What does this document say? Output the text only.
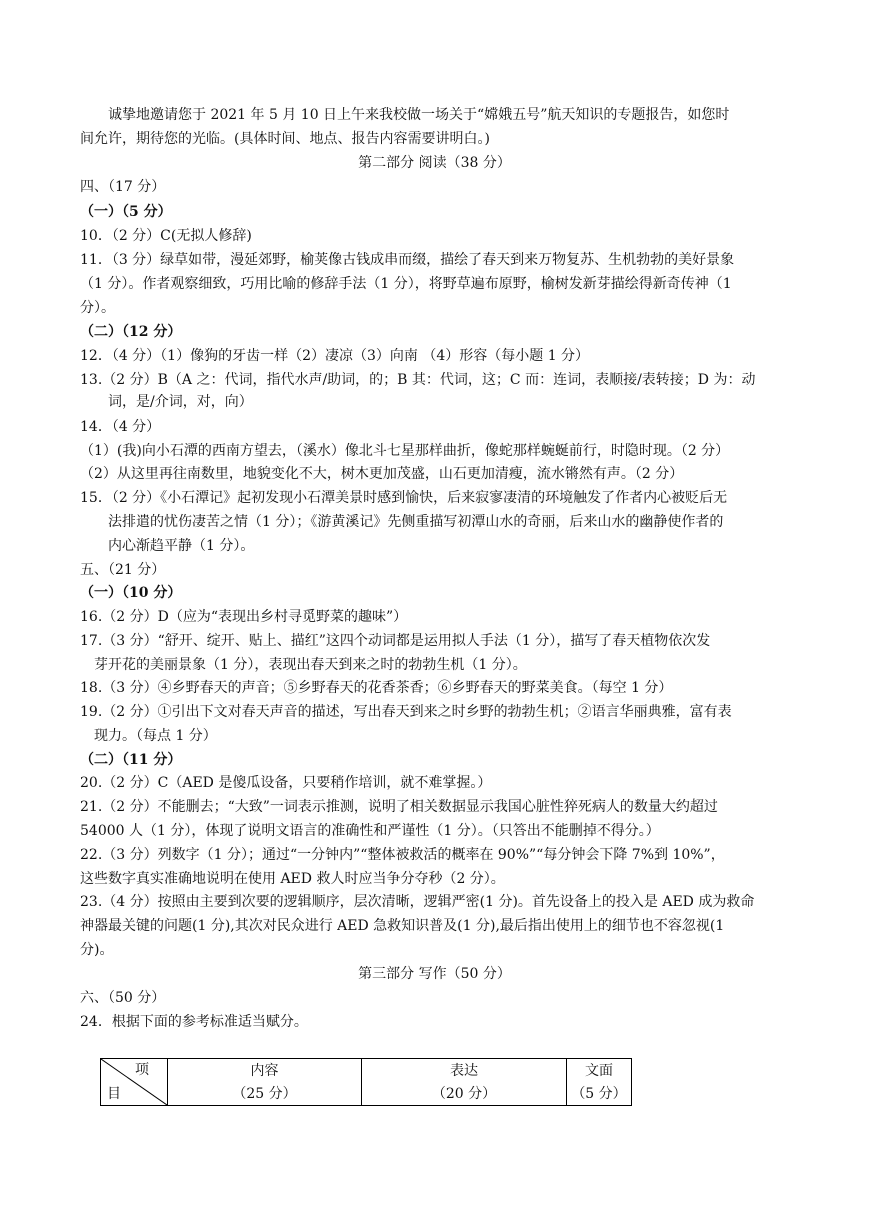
诚挚地邀请您于 2021 年 5 月 10 日上午来我校做一场关于“嫦娥五号”航天知识的专题报告，如您时
间允许，期待您的光临。(具体时间、地点、报告内容需要讲明白。)
第二部分 阅读（38 分）
四、（17 分）
（一）（5 分）
10．（2 分）C(无拟人修辞)
11．（3 分）绿草如带，漫延郊野，榆荚像古钱成串而缀，描绘了春天到来万物复苏、生机勃勃的美好景象
（1 分）。作者观察细致，巧用比喻的修辞手法（1 分），将野草遍布原野，榆树发新芽描绘得新奇传神（1
分）。
（二）（12 分）
12．（4 分）（1）像狗的牙齿一样（2）凄凉（3）向南 （4）形容（每小题 1 分）
13.（2 分）B（A 之：代词，指代水声/助词，的；B 其：代词，这；C 而：连词，表顺接/表转接；D 为：动
词，是/介词，对，向）
14．（4 分）
（1）(我)向小石潭的西南方望去，（溪水）像北斗七星那样曲折，像蛇那样蜿蜒前行，时隐时现。（2 分）
（2）从这里再往南数里，地貌变化不大，树木更加茂盛，山石更加清瘦，流水锵然有声。（2 分）
15．（2 分）《小石潭记》起初发现小石潭美景时感到愉快，后来寂寥凄清的环境触发了作者内心被贬后无
法排遣的忧伤凄苦之情（1 分）；《游黄溪记》先侧重描写初潭山水的奇丽，后来山水的幽静使作者的
内心渐趋平静（1 分）。
五、（21 分）
（一）（10 分）
16.（2 分）D（应为“表现出乡村寻觅野菜的趣味”）
17.（3 分）“舒开、绽开、贴上、描红”这四个动词都是运用拟人手法（1 分），描写了春天植物依次发
芽开花的美丽景象（1 分），表现出春天到来之时的勃勃生机（1 分）。
18.（3 分）④乡野春天的声音；⑤乡野春天的花香茶香；⑥乡野春天的野菜美食。（每空 1 分）
19.（2 分）①引出下文对春天声音的描述，写出春天到来之时乡野的勃勃生机；②语言华丽典雅，富有表
现力。（每点 1 分）
（二）（11 分）
20.（2 分）C（AED 是傻瓜设备，只要稍作培训，就不难掌握。）
21.（2 分）不能删去；“大致”一词表示推测，说明了相关数据显示我国心脏性猝死病人的数量大约超过
54000 人（1 分），体现了说明文语言的准确性和严谨性（1 分）。（只答出不能删掉不得分。）
22.（3 分）列数字（1 分）；通过“一分钟内”“整体被救活的概率在 90%”“每分钟会下降 7%到 10%”，
这些数字真实准确地说明在使用 AED 救人时应当争分夺秒（2 分）。
23.（4 分）按照由主要到次要的逻辑顺序，层次清晰，逻辑严密(1 分)。首先设备上的投入是 AED 成为救命
神器最关键的问题(1 分),其次对民众进行 AED 急救知识普及(1 分),最后指出使用上的细节也不容忽视(1
分)。
第三部分 写作（50 分）
六、（50 分）
24．根据下面的参考标准适当赋分。
项
目	内容	表达	文面
	（25 分）	（20 分）	（5 分）
